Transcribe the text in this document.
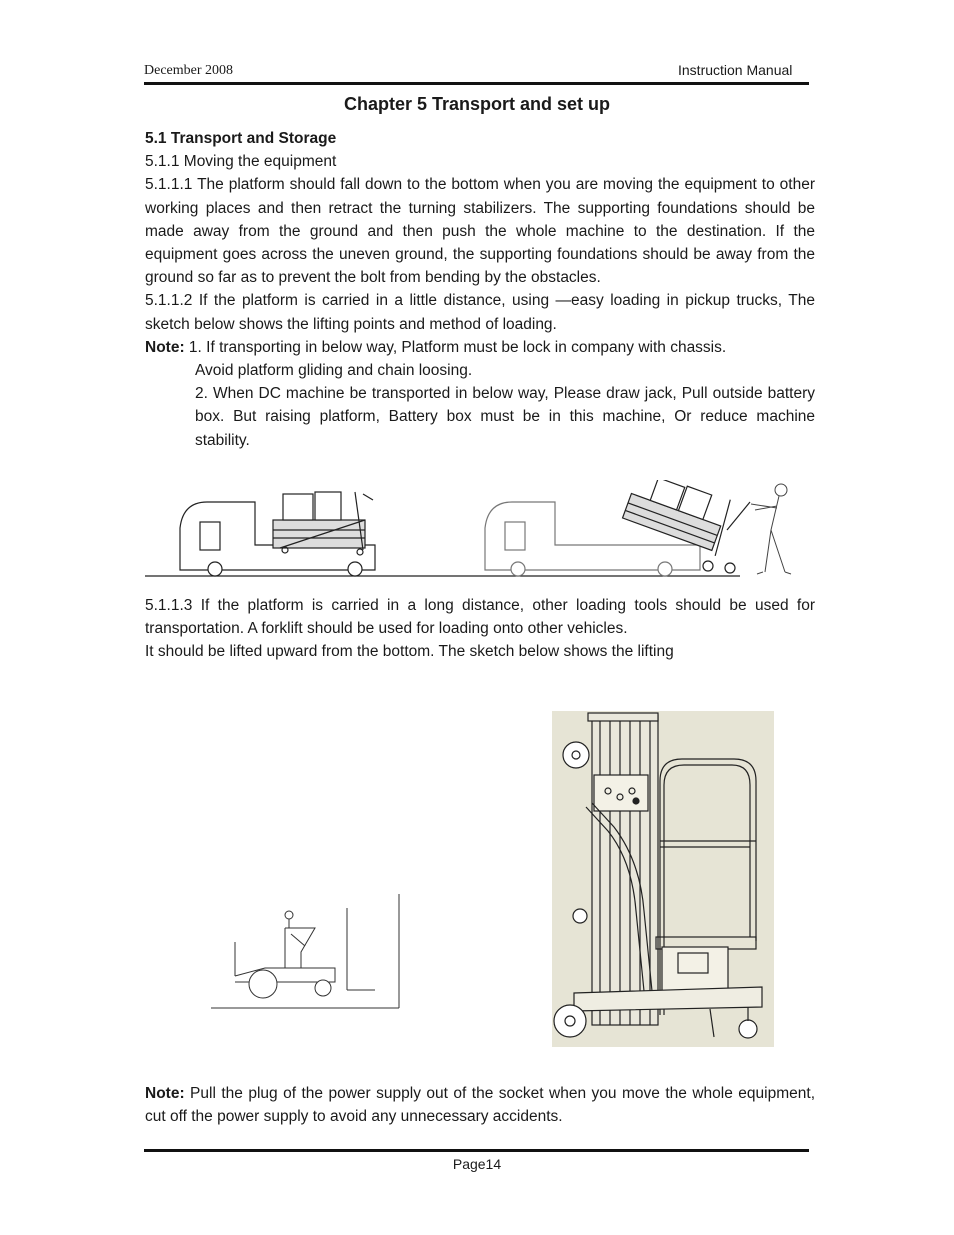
December 2008	Instruction Manual
Chapter 5 Transport and set up

5.1 Transport and Storage

5.1.1 Moving the equipment

5.1.1.1 The platform should fall down to the bottom when you are moving the equipment to other working places and then retract the turning stabilizers. The supporting foundations should be made away from the ground and then push the whole machine to the destination. If the equipment goes across the uneven ground, the supporting foundations should be away from the ground so far as to prevent the bolt from bending by the obstacles.

5.1.1.2 If the platform is carried in a little distance, using —easy loading in pickup trucks, The sketch below shows the lifting points and method of loading.

Note: 1. If transporting in below way, Platform must be lock in company with chassis.

Avoid platform gliding and chain loosing.

2. When DC machine be transported in below way, Please draw jack, Pull outside battery box. But raising platform, Battery box must be in this machine, Or reduce machine stability.

5.1.1.3 If the platform is carried in a long distance, other loading tools should be used for transportation. A forklift should be used for loading onto other vehicles.

It should be lifted upward from the bottom. The sketch below shows the lifting

Note: Pull the plug of the power supply out of the socket when you move the whole equipment, cut off the power supply to avoid any unnecessary accidents.

Page14
